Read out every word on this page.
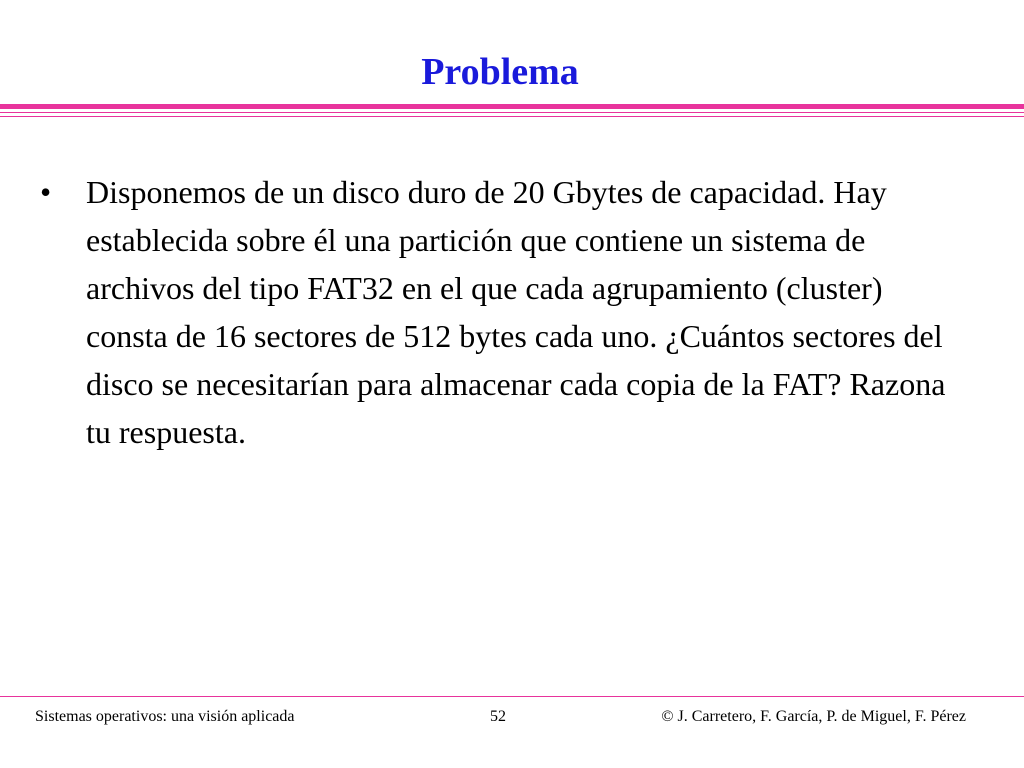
Problema
•	Disponemos de un disco duro de 20 Gbytes de capacidad. Hay establecida sobre él una partición que contiene un sistema de archivos del tipo FAT32 en el que cada agrupamiento (cluster) consta de 16 sectores de 512 bytes cada uno. ¿Cuántos sectores del disco se necesitarían para almacenar cada copia de la FAT? Razona tu respuesta.
Sistemas operativos: una visión aplicada	52	© J. Carretero, F. García, P. de Miguel, F. Pérez
